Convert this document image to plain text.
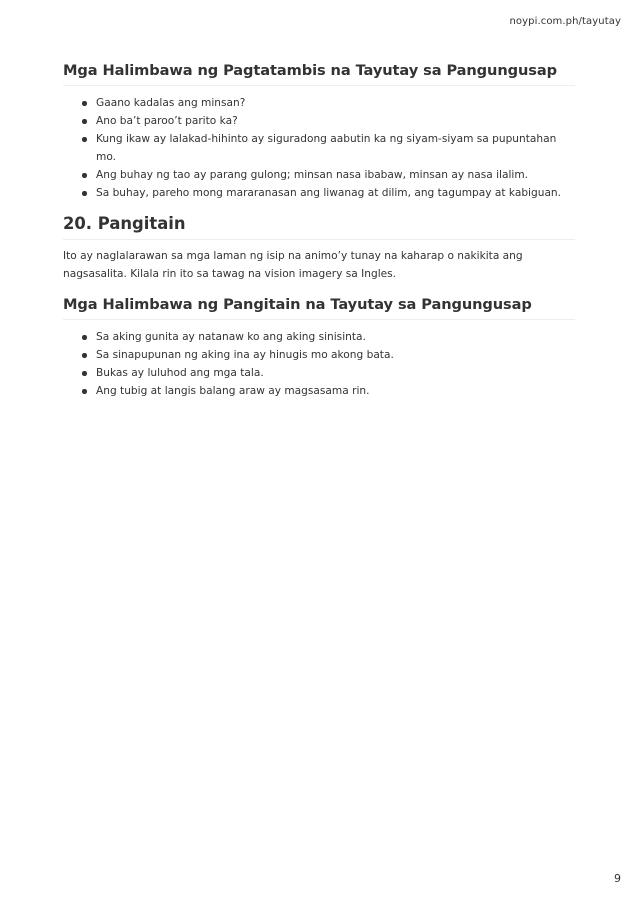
noypi.com.ph/tayutay
Mga Halimbawa ng Pagtatambis na Tayutay sa Pangungusap
Gaano kadalas ang minsan?
Ano ba’t paroo’t parito ka?
Kung ikaw ay lalakad-hihinto ay siguradong aabutin ka ng siyam-siyam sa pupuntahan mo.
Ang buhay ng tao ay parang gulong; minsan nasa ibabaw, minsan ay nasa ilalim.
Sa buhay, pareho mong mararanasan ang liwanag at dilim, ang tagumpay at kabiguan.
20. Pangitain

Ito ay naglalarawan sa mga laman ng isip na animo’y tunay na kaharap o nakikita ang nagsasalita. Kilala rin ito sa tawag na vision imagery sa Ingles.

Mga Halimbawa ng Pangitain na Tayutay sa Pangungusap
Sa aking gunita ay natanaw ko ang aking sinisinta.
Sa sinapupunan ng aking ina ay hinugis mo akong bata.
Bukas ay luluhod ang mga tala.
Ang tubig at langis balang araw ay magsasama rin.
9
